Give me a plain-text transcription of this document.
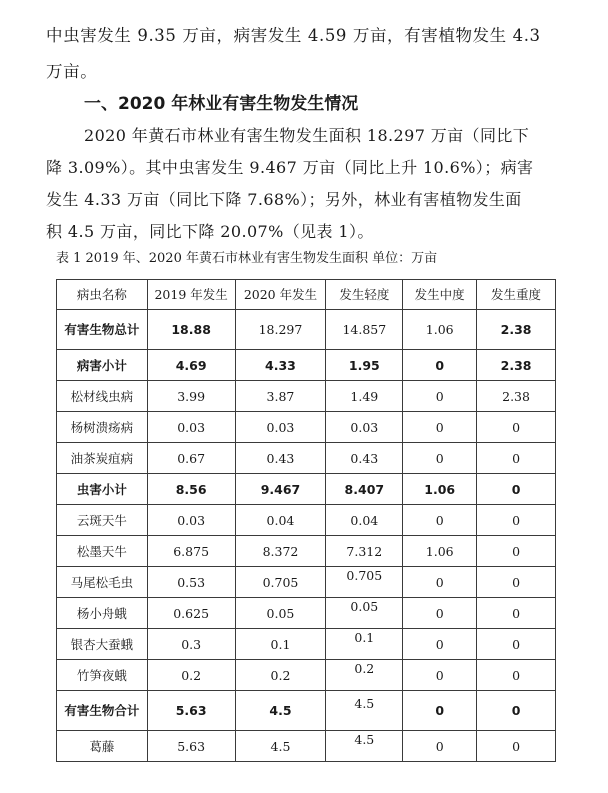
中虫害发生 9.35 万亩，病害发生 4.59 万亩，有害植物发生 4.3
万亩。
一、2020 年林业有害生物发生情况
2020 年黄石市林业有害生物发生面积 18.297 万亩（同比下
降 3.09%）。其中虫害发生 9.467 万亩（同比上升 10.6%）；病害
发生 4.33 万亩（同比下降 7.68%）；另外，林业有害植物发生面
积 4.5 万亩，同比下降 20.07%（见表 1）。
表 1 2019 年、2020 年黄石市林业有害生物发生面积 单位：万亩
病虫名称	2019 年发生	2020 年发生	发生轻度	发生中度	发生重度
有害生物总计	18.88	18.297	14.857	1.06	2.38
病害小计	4.69	4.33	1.95	0	2.38
松材线虫病	3.99	3.87	1.49	0	2.38
杨树溃疡病	0.03	0.03	0.03	0	0
油茶炭疽病	0.67	0.43	0.43	0	0
虫害小计	8.56	9.467	8.407	1.06	0
云斑天牛	0.03	0.04	0.04	0	0
松墨天牛	6.875	8.372	7.312	1.06	0
马尾松毛虫	0.53	0.705	0.705	0	0
杨小舟蛾	0.625	0.05	0.05	0	0
银杏大蚕蛾	0.3	0.1	0.1	0	0
竹笋夜蛾	0.2	0.2	0.2	0	0
有害生物合计	5.63	4.5	4.5	0	0
葛藤	5.63	4.5	4.5	0	0
